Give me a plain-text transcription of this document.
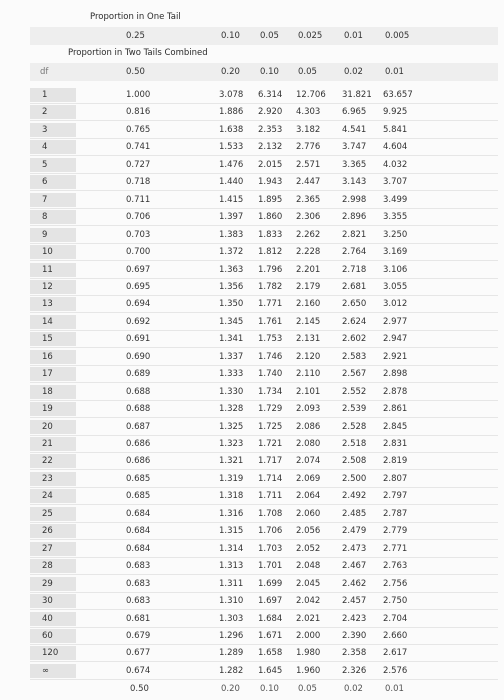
Proportion in One Tail
0.25	0.10 0.05 0.025	0.01	0.005
Proportion in Two Tails Combined
df	0.50	0.20 0.10 0.05	0.02	0.01
1	1.000	3.078 6.314 12.706 31.821 63.657
2	0.816	1.886 2.920 4.303	6.965 9.925
3	0.765	1.638 2.353 3.182	4.541 5.841
4	0.741	1.533 2.132 2.776	3.747 4.604
5	0.727	1.476 2.015 2.571	3.365 4.032
6	0.718	1.440 1.943 2.447	3.143 3.707
7	0.711	1.415 1.895 2.365	2.998 3.499
8	0.706	1.397 1.860 2.306	2.896 3.355
9	0.703	1.383 1.833 2.262	2.821 3.250
10	0.700	1.372 1.812 2.228	2.764 3.169
11	0.697	1.363 1.796 2.201	2.718 3.106
12	0.695	1.356 1.782 2.179	2.681 3.055
13	0.694	1.350 1.771 2.160	2.650 3.012
14	0.692	1.345 1.761 2.145	2.624 2.977
15	0.691	1.341 1.753 2.131	2.602 2.947
16	0.690	1.337 1.746 2.120	2.583 2.921
17	0.689	1.333 1.740 2.110	2.567 2.898
18	0.688	1.330 1.734 2.101	2.552 2.878
19	0.688	1.328 1.729 2.093	2.539 2.861
20	0.687	1.325 1.725 2.086	2.528 2.845
21	0.686	1.323 1.721 2.080	2.518 2.831
22	0.686	1.321 1.717 2.074	2.508 2.819
23	0.685	1.319 1.714 2.069	2.500 2.807
24	0.685	1.318 1.711 2.064	2.492 2.797
25	0.684	1.316 1.708 2.060	2.485 2.787
26	0.684	1.315 1.706 2.056	2.479 2.779
27	0.684	1.314 1.703 2.052	2.473 2.771
28	0.683	1.313 1.701 2.048	2.467 2.763
29	0.683	1.311 1.699 2.045	2.462 2.756
30	0.683	1.310 1.697 2.042	2.457 2.750
40	0.681	1.303 1.684 2.021	2.423 2.704
60	0.679	1.296 1.671 2.000	2.390 2.660
120	0.677	1.289 1.658 1.980	2.358 2.617
∞	0.674	1.282 1.645 1.960	2.326 2.576
0.50	0.20 0.10 0.05	0.02	0.01
